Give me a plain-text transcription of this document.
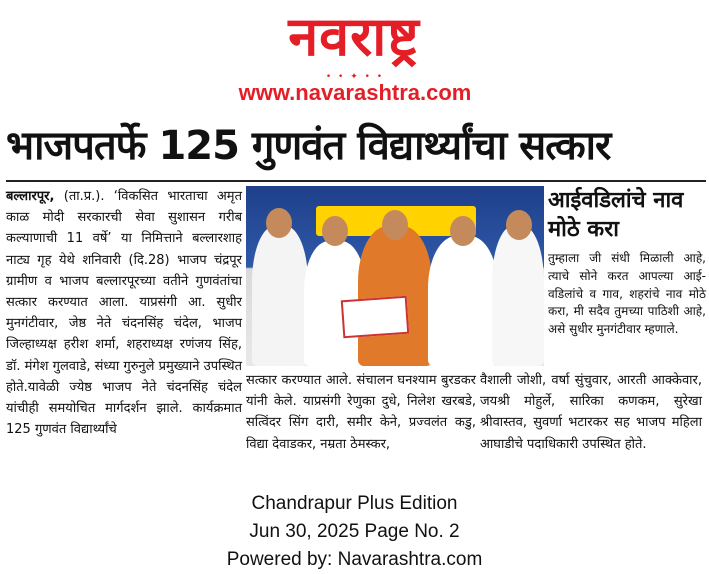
नवराष्ट्र
• • ✦ • •
www.navarashtra.com
भाजपतर्फे 125 गुणवंत विद्यार्थ्यांचा सत्कार
बल्लारपूर, (ता.प्र.). ‘विकसित भारताचा अमृत काळ मोदी सरकारची सेवा सुशासन गरीब कल्याणाची 11 वर्षे’ या निमित्ताने बल्लारशाह नाट्य गृह येथे शनिवारी (दि.28) भाजप चंद्रपूर ग्रामीण व भाजप बल्लारपूरच्या वतीने गुणवंतांचा सत्कार करण्यात आला. याप्रसंगी आ. सुधीर मुनगंटीवार, जेष्ठ नेते चंदनसिंह चंदेल, भाजप जिल्हाध्यक्ष हरीश शर्मा, शहराध्यक्ष रणंजय सिंह, डॉ. मंगेश गुलवाडे, संध्या गुरुनुले प्रमुख्याने उपस्थित होते.यावेळी ज्येष्ठ भाजप नेते चंदनसिंह चंदेल यांचीही समयोचित मार्गदर्शन झाले. कार्यक्रमात 125 गुणवंत विद्यार्थ्यांचे
आईवडिलांचे नाव मोठे करा
तुम्हाला जी संधी मिळाली आहे, त्याचे सोने करत आपल्या आई-वडिलांचे व गाव, शहरांचे नाव मोठे करा, मी सदैव तुमच्या पाठिशी आहे, असे सुधीर मुनगंटीवार म्हणाले.
सत्कार करण्यात आले. संचालन घनश्याम बुरडकर यांनी केले. याप्रसंगी रेणुका दुधे, निलेश खरबडे, सत्विंदर सिंग दारी, समीर केने, प्रज्वलंत कडु, विद्या देवाडकर, नम्रता ठेमस्कर,
वैशाली जोशी, वर्षा सुंचुवार, आरती आक्केवार, जयश्री मोहुर्ले, सारिका कणकम, सुरेखा श्रीवास्तव, सुवर्णा भटारकर सह भाजप महिला आघाडीचे पदाधिकारी उपस्थित होते.
Chandrapur Plus Edition
Jun 30, 2025 Page No. 2
Powered by: Navarashtra.com
